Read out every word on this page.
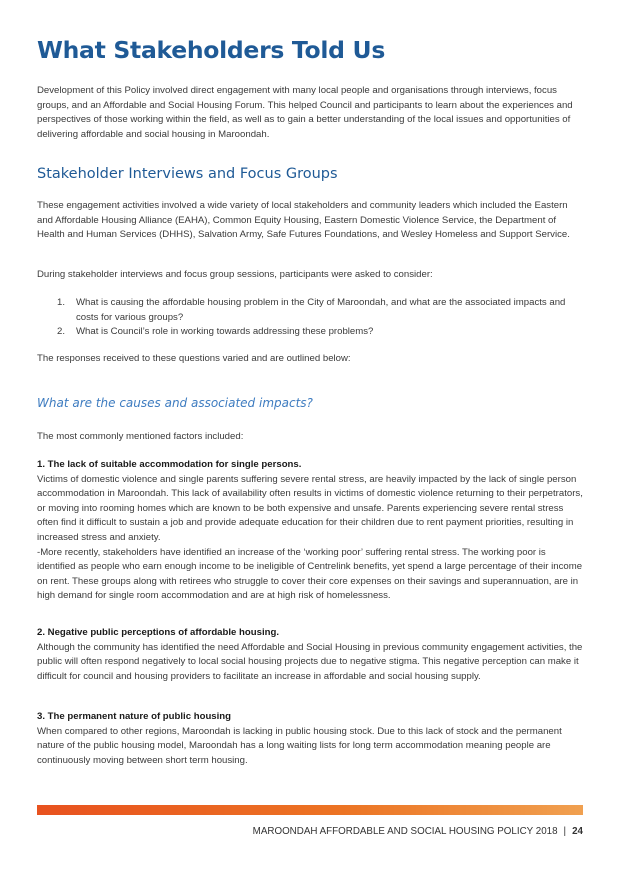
What Stakeholders Told Us

Development of this Policy involved direct engagement with many local people and organisations through interviews, focus groups, and an Affordable and Social Housing Forum. This helped Council and participants to learn about the experiences and perspectives of those working within the field, as well as to gain a better understanding of the local issues and opportunities of delivering affordable and social housing in Maroondah.

Stakeholder Interviews and Focus Groups

These engagement activities involved a wide variety of local stakeholders and community leaders which included the Eastern and Affordable Housing Alliance (EAHA), Common Equity Housing, Eastern Domestic Violence Service, the Department of Health and Human Services (DHHS), Salvation Army, Safe Futures Foundations, and Wesley Homeless and Support Service.

During stakeholder interviews and focus group sessions, participants were asked to consider:

1. What is causing the affordable housing problem in the City of Maroondah, and what are the associated impacts and costs for various groups?
2. What is Council’s role in working towards addressing these problems?

The responses received to these questions varied and are outlined below:

What are the causes and associated impacts?

The most commonly mentioned factors included:

1. The lack of suitable accommodation for single persons.

Victims of domestic violence and single parents suffering severe rental stress, are heavily impacted by the lack of single person accommodation in Maroondah. This lack of availability often results in victims of domestic violence returning to their perpetrators, or moving into rooming homes which are known to be both expensive and unsafe. Parents experiencing severe rental stress often find it difficult to sustain a job and provide adequate education for their children due to rent payment priorities, resulting in increased stress and anxiety.

-More recently, stakeholders have identified an increase of the ‘working poor’ suffering rental stress. The working poor is identified as people who earn enough income to be ineligible of Centrelink benefits, yet spend a large percentage of their income on rent. These groups along with retirees who struggle to cover their core expenses on their savings and superannuation, are in high demand for single room accommodation and are at high risk of homelessness.

2. Negative public perceptions of affordable housing.

Although the community has identified the need Affordable and Social Housing in previous community engagement activities, the public will often respond negatively to local social housing projects due to negative stigma. This negative perception can make it difficult for council and housing providers to facilitate an increase in affordable and social housing supply.

3. The permanent nature of public housing

When compared to other regions, Maroondah is lacking in public housing stock. Due to this lack of stock and the permanent nature of the public housing model, Maroondah has a long waiting lists for long term accommodation meaning people are continuously moving between short term housing.

MAROONDAH AFFORDABLE AND SOCIAL HOUSING POLICY 2018 | 24
